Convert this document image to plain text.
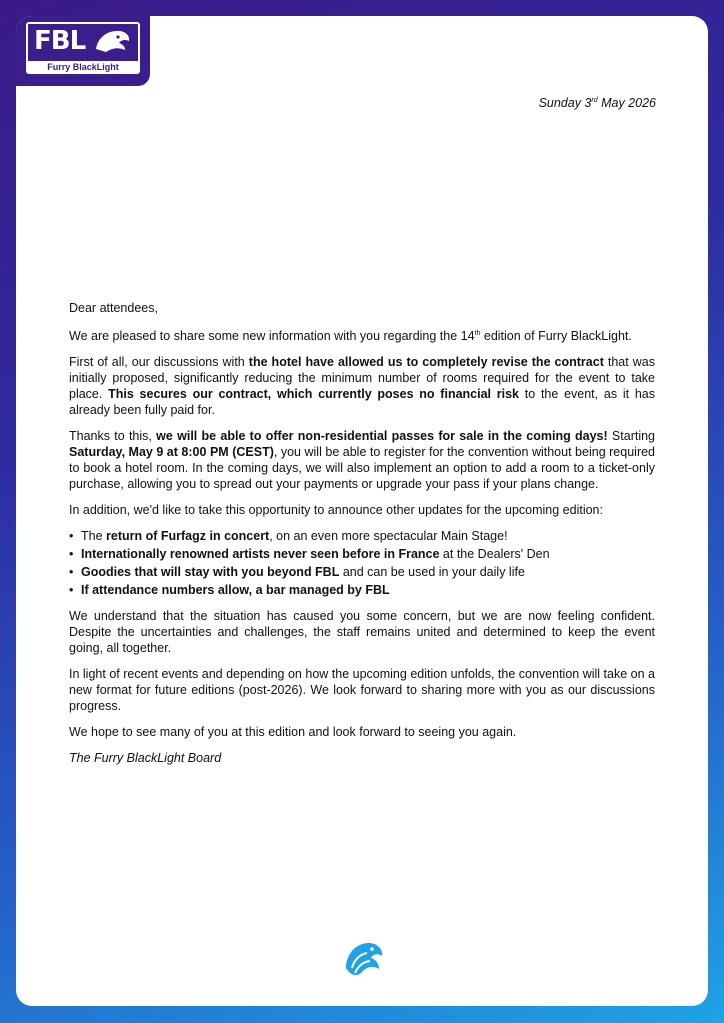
FBL
Furry BlackLight
Sunday 3rd May 2026

Dear attendees,

We are pleased to share some new information with you regarding the 14th edition of Furry BlackLight.

First of all, our discussions with the hotel have allowed us to completely revise the contract that was initially proposed, significantly reducing the minimum number of rooms required for the event to take place. This secures our contract, which currently poses no financial risk to the event, as it has already been fully paid for.

Thanks to this, we will be able to offer non-residential passes for sale in the coming days! Starting Saturday, May 9 at 8:00 PM (CEST), you will be able to register for the convention without being required to book a hotel room. In the coming days, we will also implement an option to add a room to a ticket-only purchase, allowing you to spread out your payments or upgrade your pass if your plans change.

In addition, we'd like to take this opportunity to announce other updates for the upcoming edition:

• The return of Furfagz in concert, on an even more spectacular Main Stage!
• Internationally renowned artists never seen before in France at the Dealers' Den
• Goodies that will stay with you beyond FBL and can be used in your daily life
• If attendance numbers allow, a bar managed by FBL

We understand that the situation has caused you some concern, but we are now feeling confident. Despite the uncertainties and challenges, the staff remains united and determined to keep the event going, all together.

In light of recent events and depending on how the upcoming edition unfolds, the convention will take on a new format for future editions (post-2026). We look forward to sharing more with you as our discussions progress.

We hope to see many of you at this edition and look forward to seeing you again.

The Furry BlackLight Board
